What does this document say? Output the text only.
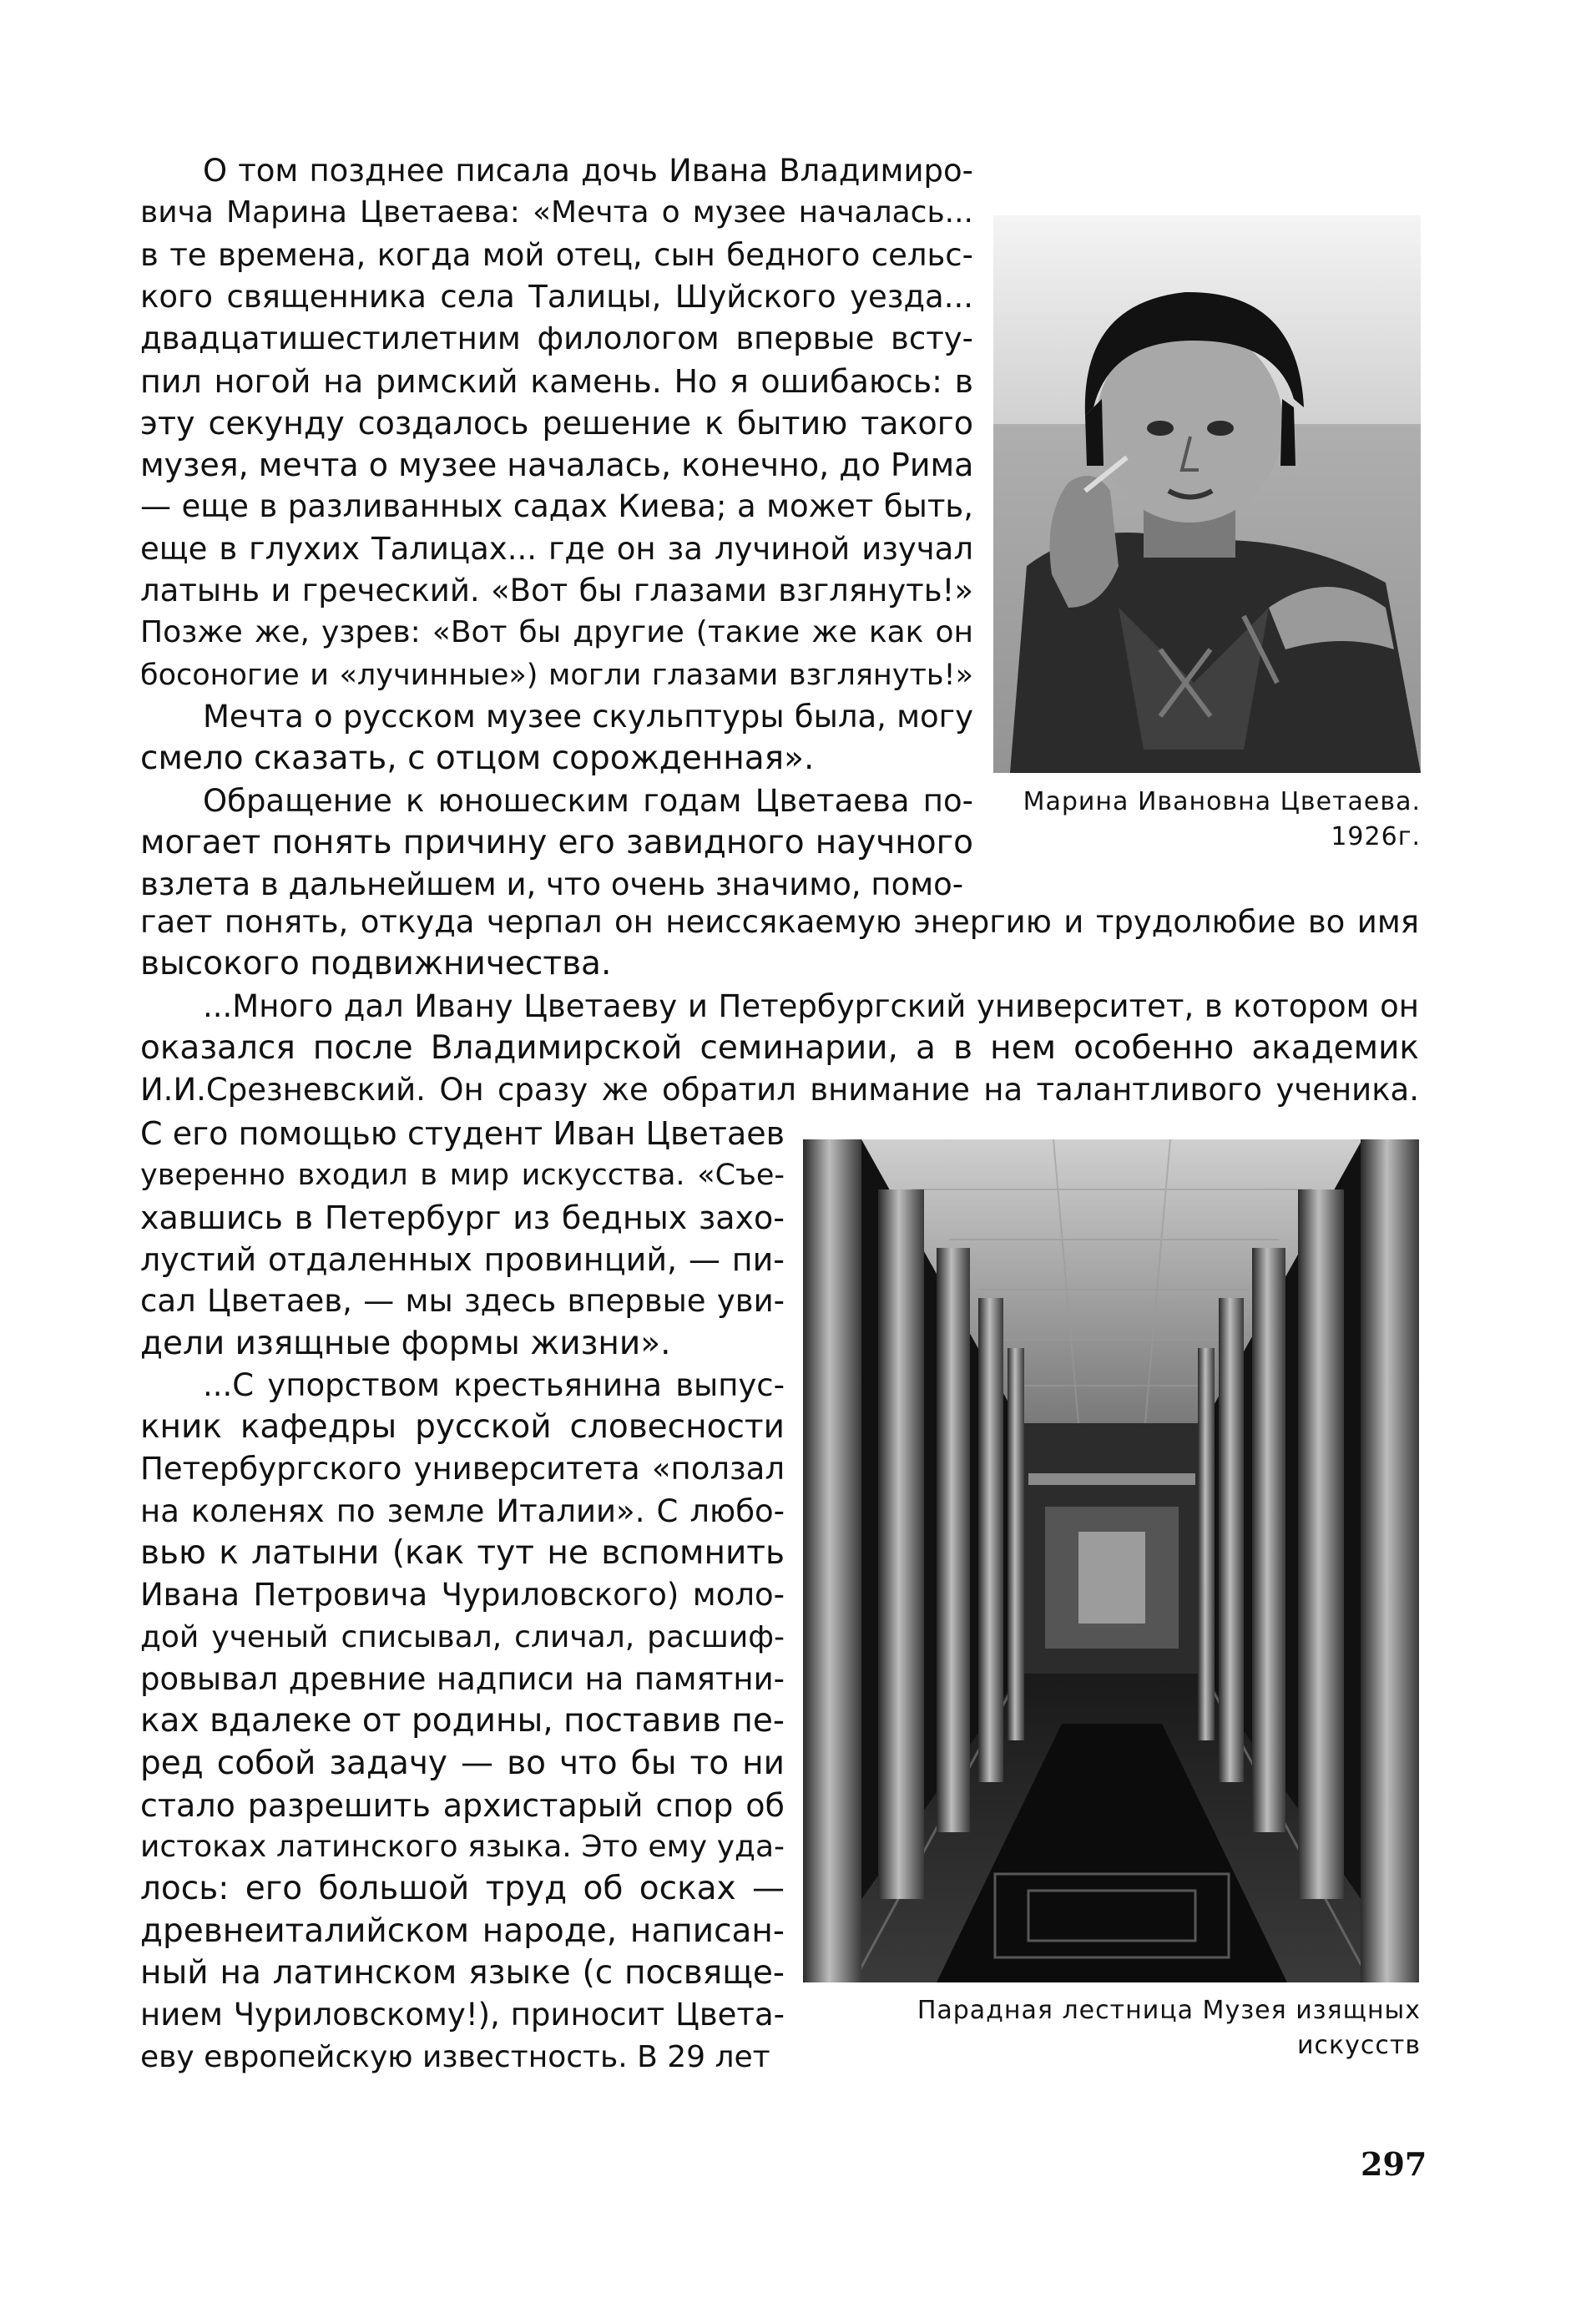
О том позднее писала дочь Ивана Владимиро-
вича Марина Цветаева: «Мечта о музее началась...
в те времена, когда мой отец, сын бедного сельс-
кого священника села Талицы, Шуйского уезда...
двадцатишестилетним филологом впервые всту-
пил ногой на римский камень. Но я ошибаюсь: в
эту секунду создалось решение к бытию такого
музея, мечта о музее началась, конечно, до Рима
— еще в разливанных садах Киева; а может быть,
еще в глухих Талицах... где он за лучиной изучал
латынь и греческий. «Вот бы глазами взглянуть!»
Позже же, узрев: «Вот бы другие (такие же как он
босоногие и «лучинные») могли глазами взглянуть!»
Мечта о русском музее скульптуры была, могу
смело сказать, с отцом сорожденная».
Обращение к юношеским годам Цветаева по-
могает понять причину его завидного научного
взлета в дальнейшем и, что очень значимо, помо-
гает понять, откуда черпал он неиссякаемую энергию и трудолюбие во имя
высокого подвижничества.
...Много дал Ивану Цветаеву и Петербургский университет, в котором он
оказался после Владимирской семинарии, а в нем особенно академик
И.И.Срезневский. Он сразу же обратил внимание на талантливого ученика.
С его помощью студент Иван Цветаев
уверенно входил в мир искусства. «Съе-
хавшись в Петербург из бедных захо-
лустий отдаленных провинций, — пи-
сал Цветаев, — мы здесь впервые уви-
дели изящные формы жизни».
...С упорством крестьянина выпус-
кник кафедры русской словесности
Петербургского университета «ползал
на коленях по земле Италии». С любо-
вью к латыни (как тут не вспомнить
Ивана Петровича Чуриловского) моло-
дой ученый списывал, сличал, расшиф-
ровывал древние надписи на памятни-
ках вдалеке от родины, поставив пе-
ред собой задачу — во что бы то ни
стало разрешить архистарый спор об
истоках латинского языка. Это ему уда-
лось: его большой труд об осках —
древнеиталийском народе, написан-
ный на латинском языке (с посвяще-
нием Чуриловскому!), приносит Цвета-
еву европейскую известность. В 29 лет
Марина Ивановна Цветаева.
1926г.
Парадная лестница Музея изящных
искусств
297
